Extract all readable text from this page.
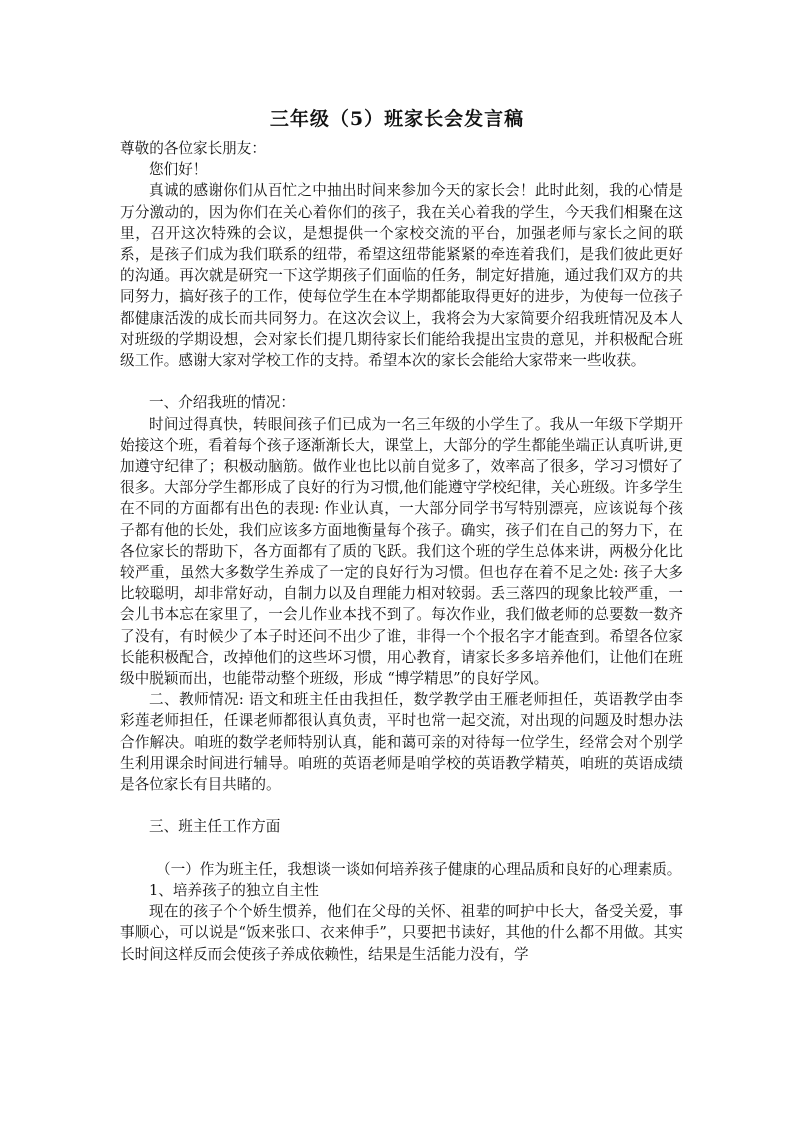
三年级（5）班家长会发言稿

尊敬的各位家长朋友：

您们好！

真诚的感谢你们从百忙之中抽出时间来参加今天的家长会！此时此刻，我的心情是万分激动的，因为你们在关心着你们的孩子，我在关心着我的学生，今天我们相聚在这里，召开这次特殊的会议，是想提供一个家校交流的平台，加强老师与家长之间的联系，是孩子们成为我们联系的纽带，希望这纽带能紧紧的牵连着我们，是我们彼此更好的沟通。再次就是研究一下这学期孩子们面临的任务，制定好措施，通过我们双方的共同努力，搞好孩子的工作，使每位学生在本学期都能取得更好的进步，为使每一位孩子都健康活泼的成长而共同努力。在这次会议上，我将会为大家简要介绍我班情况及本人对班级的学期设想，会对家长们提几期待家长们能给我提出宝贵的意见，并积极配合班级工作。感谢大家对学校工作的支持。希望本次的家长会能给大家带来一些收获。

一、介绍我班的情况：

时间过得真快，转眼间孩子们已成为一名三年级的小学生了。我从一年级下学期开始接这个班，看着每个孩子逐渐渐长大，课堂上，大部分的学生都能坐端正认真听讲,更加遵守纪律了；积极动脑筋。做作业也比以前自觉多了，效率高了很多，学习习惯好了很多。大部分学生都形成了良好的行为习惯,他们能遵守学校纪律，关心班级。许多学生在不同的方面都有出色的表现: 作业认真，一大部分同学书写特别漂亮，应该说每个孩子都有他的长处，我们应该多方面地衡量每个孩子。确实，孩子们在自己的努力下，在各位家长的帮助下，各方面都有了质的飞跃。我们这个班的学生总体来讲，两极分化比较严重，虽然大多数学生养成了一定的良好行为习惯。但也存在着不足之处: 孩子大多比较聪明，却非常好动，自制力以及自理能力相对较弱。丢三落四的现象比较严重，一会儿书本忘在家里了，一会儿作业本找不到了。每次作业，我们做老师的总要数一数齐了没有，有时候少了本子时还问不出少了谁，非得一个个报名字才能查到。希望各位家长能积极配合，改掉他们的这些坏习惯，用心教育，请家长多多培养他们，让他们在班级中脱颖而出，也能带动整个班级，形成 “博学精思”的良好学风。

二、教师情况: 语文和班主任由我担任，数学教学由王雁老师担任，英语教学由李彩莲老师担任，任课老师都很认真负责，平时也常一起交流，对出现的问题及时想办法合作解决。咱班的数学老师特别认真，能和蔼可亲的对待每一位学生，经常会对个别学生利用课余时间进行辅导。咱班的英语老师是咱学校的英语教学精英，咱班的英语成绩是各位家长有目共睹的。

三、班主任工作方面

（一）作为班主任，我想谈一谈如何培养孩子健康的心理品质和良好的心理素质。

1、培养孩子的独立自主性

现在的孩子个个娇生惯养，他们在父母的关怀、祖辈的呵护中长大，备受关爱，事事顺心，可以说是“饭来张口、衣来伸手”，只要把书读好，其他的什么都不用做。其实长时间这样反而会使孩子养成依赖性，结果是生活能力没有，学
